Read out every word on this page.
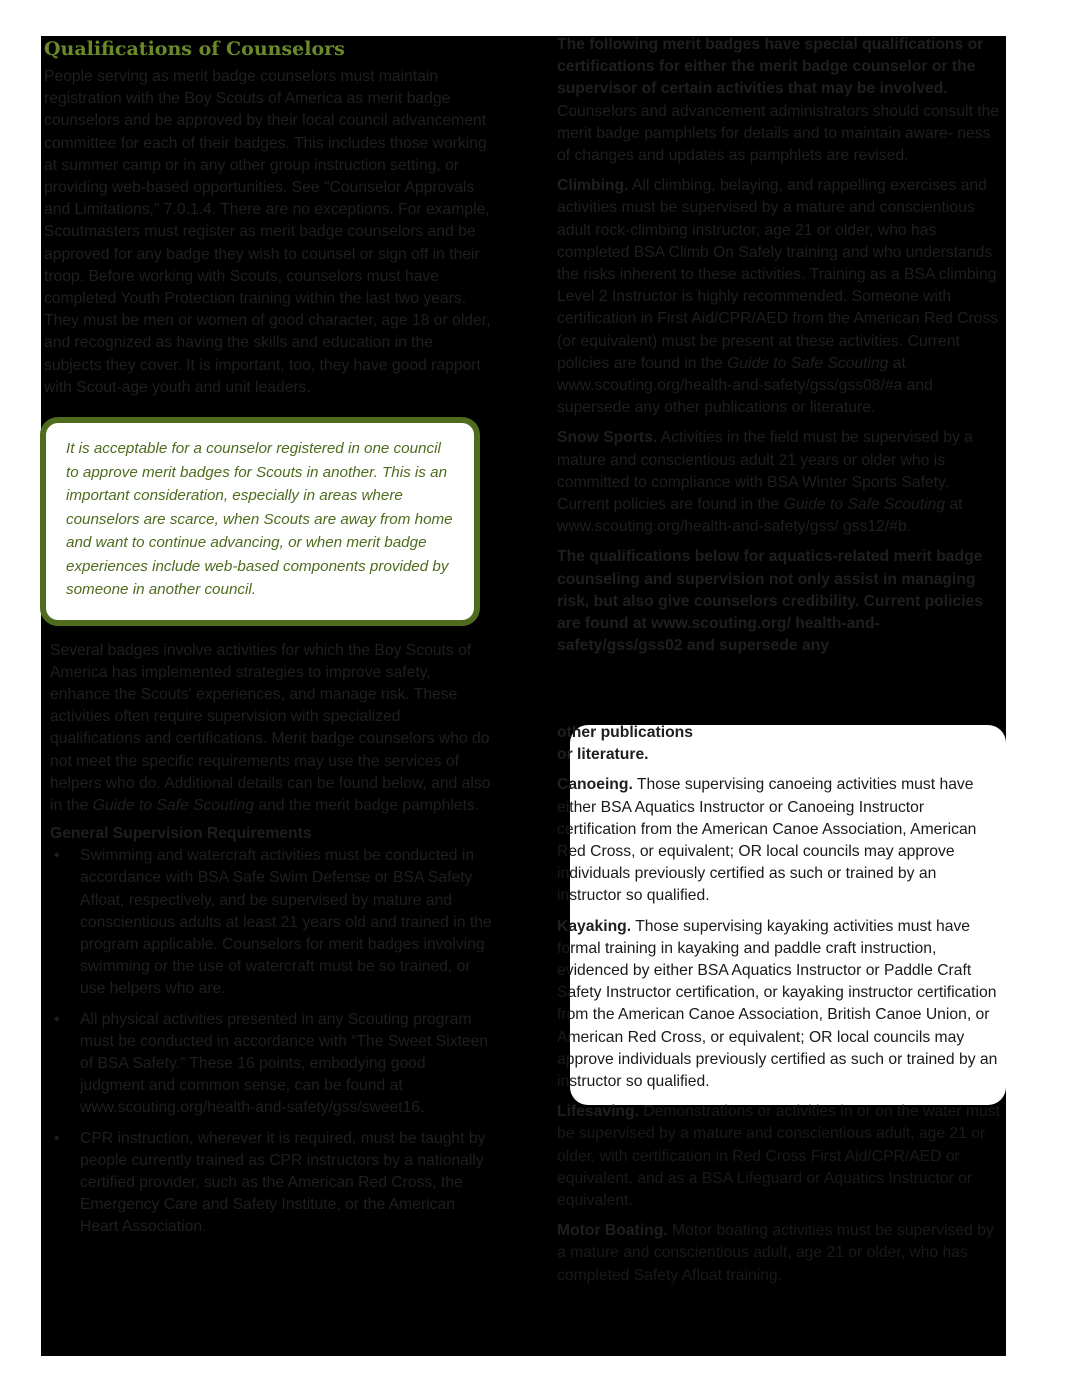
Qualifications of Counselors

People serving as merit badge counselors must maintain registration with the Boy Scouts of America as merit badge counselors and be approved by their local council advancement committee for each of their badges. This includes those working at summer camp or in any other group instruction setting, or providing web-based opportunities. See "Counselor Approvals and Limitations," 7.0.1.4. There are no exceptions. For example, Scoutmasters must register as merit badge counselors and be approved for any badge they wish to counsel or sign off in their troop. Before working with Scouts, counselors must have completed Youth Protection training within the last two years. They must be men or women of good character, age 18 or older, and recognized as having the skills and education in the subjects they cover. It is important, too, they have good rapport with Scout-age youth and unit leaders.

It is acceptable for a counselor registered in one council to approve merit badges for Scouts in another. This is an important consideration, especially in areas where counselors are scarce, when Scouts are away from home and want to continue advancing, or when merit badge experiences include web-based components provided by someone in another council.

Several badges involve activities for which the Boy Scouts of America has implemented strategies to improve safety, enhance the Scouts' experiences, and manage risk. These activities often require supervision with specialized qualifications and certifications. Merit badge counselors who do not meet the specific requirements may use the services of helpers who do. Additional details can be found below, and also in the Guide to Safe Scouting and the merit badge pamphlets.

General Supervision Requirements
• Swimming and watercraft activities must be conducted in accordance with BSA Safe Swim Defense or BSA Safety Afloat, respectively, and be supervised by mature and conscientious adults at least 21 years old and trained in the program applicable. Counselors for merit badges involving swimming or the use of watercraft must be so trained, or use helpers who are.
• All physical activities presented in any Scouting program must be conducted in accordance with “The Sweet Sixteen of BSA Safety.” These 16 points, embodying good judgment and common sense, can be found at www.scouting.org/health-and-safety/gss/sweet16.
• CPR instruction, wherever it is required, must be taught by people currently trained as CPR instructors by a nationally certified provider, such as the American Red Cross, the Emergency Care and Safety Institute, or the American Heart Association.

The following merit badges have special qualifications or certifications for either the merit badge counselor or the supervisor of certain activities that may be involved. Counselors and advancement administrators should consult the merit badge pamphlets for details and to maintain aware- ness of changes and updates as pamphlets are revised.

Climbing. All climbing, belaying, and rappelling exercises and activities must be supervised by a mature and conscientious adult rock-climbing instructor, age 21 or older, who has completed BSA Climb On Safely training and who understands the risks inherent to these activities. Training as a BSA climbing Level 2 Instructor is highly recommended. Someone with certification in First Aid/CPR/AED from the American Red Cross (or equivalent) must be present at these activities. Current policies are found in the Guide to Safe Scouting at www.scouting.org/health-and-safety/gss/gss08/#a and supersede any other publications or literature.

Snow Sports. Activities in the field must be supervised by a mature and conscientious adult 21 years or older who is committed to compliance with BSA Winter Sports Safety. Current policies are found in the Guide to Safe Scouting at www.scouting.org/health-and-safety/gss/ gss12/#b.

The qualifications below for aquatics-related merit badge counseling and supervision not only assist in managing risk, but also give counselors credibility. Current policies are found at www.scouting.org/ health-and-safety/gss/gss02 and supersede any

other publications
or literature.

Canoeing. Those supervising canoeing activities must have either BSA Aquatics Instructor or Canoeing Instructor certification from the American Canoe Association, American Red Cross, or equivalent; OR local councils may approve individuals previously certified as such or trained by an instructor so qualified.

Kayaking. Those supervising kayaking activities must have formal training in kayaking and paddle craft instruction, evidenced by either BSA Aquatics Instructor or Paddle Craft Safety Instructor certification, or kayaking instructor certification from the American Canoe Association, British Canoe Union, or American Red Cross, or equivalent; OR local councils may approve individuals previously certified as such or trained by an instructor so qualified.

Lifesaving. Demonstrations or activities in or on the water must be supervised by a mature and conscientious adult, age 21 or older, with certification in Red Cross First Aid/CPR/AED or equivalent, and as a BSA Lifeguard or Aquatics Instructor or equivalent.

Motor Boating. Motor boating activities must be supervised by a mature and conscientious adult, age 21 or older, who has completed Safety Afloat training.
